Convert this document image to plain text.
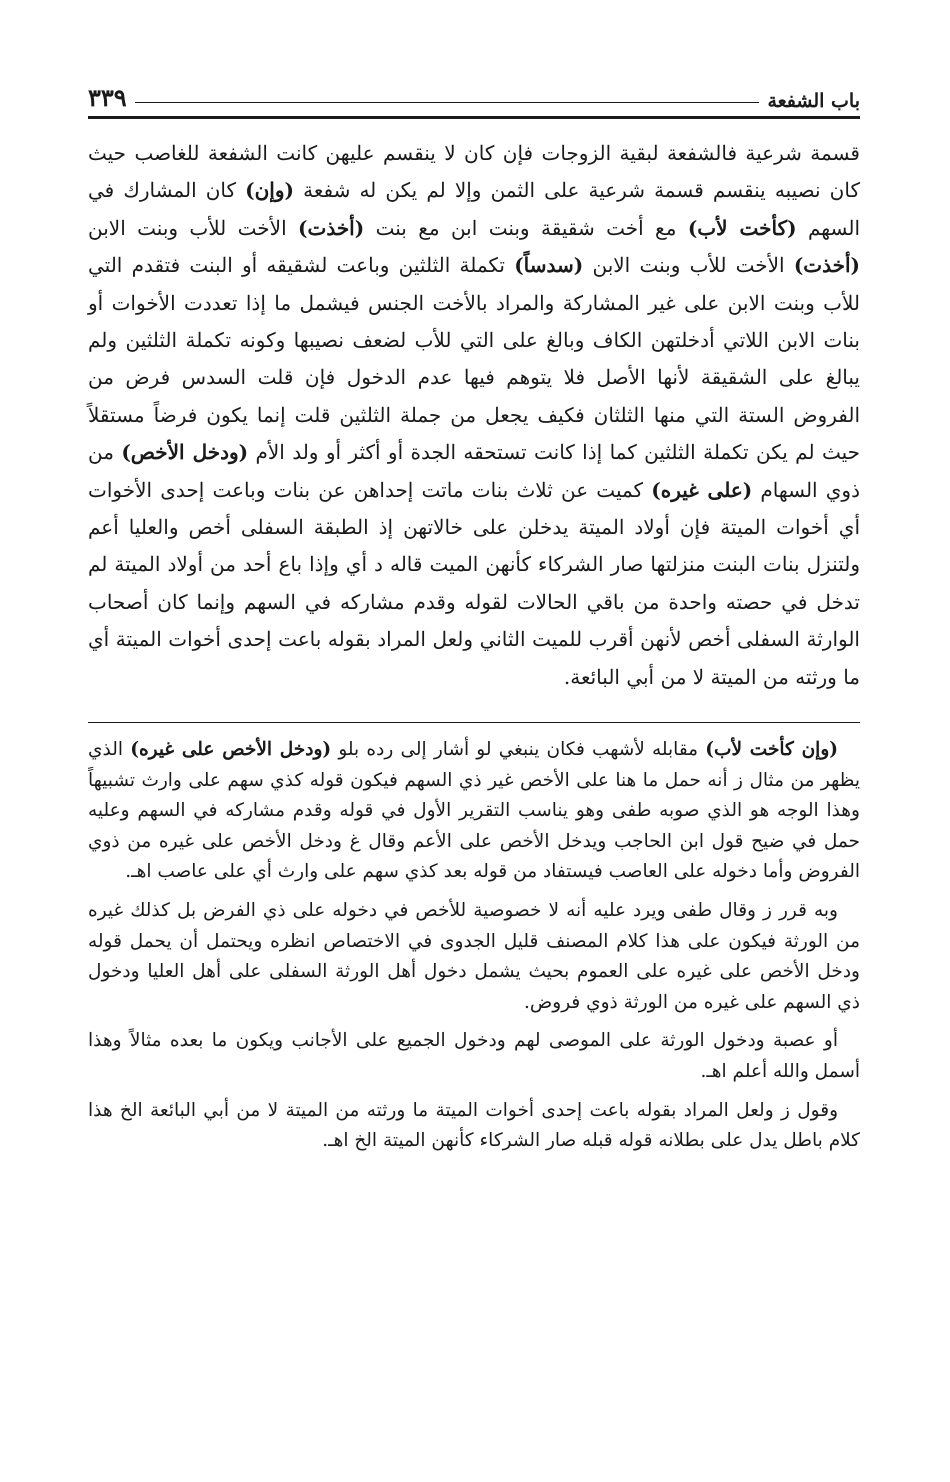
باب الشفعة
٣٣٩

قسمة شرعية فالشفعة لبقية الزوجات فإن كان لا ينقسم عليهن كانت الشفعة للغاصب حيث كان نصيبه ينقسم قسمة شرعية على الثمن وإلا لم يكن له شفعة (وإن) كان المشارك في السهم (كأخت لأب) مع أخت شقيقة وبنت ابن مع بنت (أخذت) الأخت للأب وبنت الابن (أخذت) الأخت للأب وبنت الابن (سدساً) تكملة الثلثين وباعت لشقيقه أو البنت فتقدم التي للأب وبنت الابن على غير المشاركة والمراد بالأخت الجنس فيشمل ما إذا تعددت الأخوات أو بنات الابن اللاتي أدخلتهن الكاف وبالغ على التي للأب لضعف نصيبها وكونه تكملة الثلثين ولم يبالغ على الشقيقة لأنها الأصل فلا يتوهم فيها عدم الدخول فإن قلت السدس فرض من الفروض الستة التي منها الثلثان فكيف يجعل من جملة الثلثين قلت إنما يكون فرضاً مستقلاً حيث لم يكن تكملة الثلثين كما إذا كانت تستحقه الجدة أو أكثر أو ولد الأم (ودخل الأخص) من ذوي السهام (على غيره) كميت عن ثلاث بنات ماتت إحداهن عن بنات وباعت إحدى الأخوات أي أخوات الميتة فإن أولاد الميتة يدخلن على خالاتهن إذ الطبقة السفلى أخص والعليا أعم ولتنزل بنات البنت منزلتها صار الشركاء كأنهن الميت قاله د أي وإذا باع أحد من أولاد الميتة لم تدخل في حصته واحدة من باقي الحالات لقوله وقدم مشاركه في السهم وإنما كان أصحاب الوارثة السفلى أخص لأنهن أقرب للميت الثاني ولعل المراد بقوله باعت إحدى أخوات الميتة أي ما ورثته من الميتة لا من أبي البائعة.

(وإن كأخت لأب) مقابله لأشهب فكان ينبغي لو أشار إلى رده بلو (ودخل الأخص على غيره) الذي يظهر من مثال ز أنه حمل ما هنا على الأخص غير ذي السهم فيكون قوله كذي سهم على وارث تشبيهاً وهذا الوجه هو الذي صوبه طفى وهو يناسب التقرير الأول في قوله وقدم مشاركه في السهم وعليه حمل في ضيح قول ابن الحاجب ويدخل الأخص على الأعم وقال غ ودخل الأخص على غيره من ذوي الفروض وأما دخوله على العاصب فيستفاد من قوله بعد كذي سهم على وارث أي على عاصب اهـ.

وبه قرر ز وقال طفى ويرد عليه أنه لا خصوصية للأخص في دخوله على ذي الفرض بل كذلك غيره من الورثة فيكون على هذا كلام المصنف قليل الجدوى في الاختصاص انظره ويحتمل أن يحمل قوله ودخل الأخص على غيره على العموم بحيث يشمل دخول أهل الورثة السفلى على أهل العليا ودخول ذي السهم على غيره من الورثة ذوي فروض.

أو عصبة ودخول الورثة على الموصى لهم ودخول الجميع على الأجانب ويكون ما بعده مثالاً وهذا أسمل والله أعلم اهـ.

وقول ز ولعل المراد بقوله باعت إحدى أخوات الميتة ما ورثته من الميتة لا من أبي البائعة الخ هذا كلام باطل يدل على بطلانه قوله قبله صار الشركاء كأنهن الميتة الخ اهـ.
